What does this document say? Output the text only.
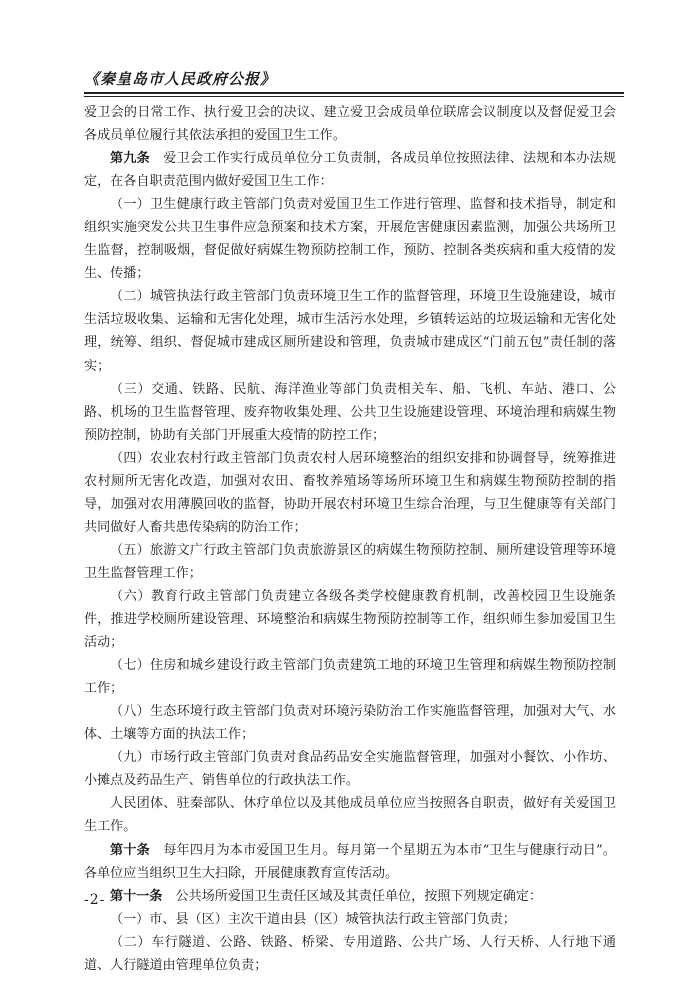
《秦皇岛市人民政府公报》

爱卫会的日常工作、执行爱卫会的决议、建立爱卫会成员单位联席会议制度以及督促爱卫会各成员单位履行其依法承担的爱国卫生工作。

第九条　 爱卫会工作实行成员单位分工负责制，各成员单位按照法律、法规和本办法规定，在各自职责范围内做好爱国卫生工作：

（一）卫生健康行政主管部门负责对爱国卫生工作进行管理、监督和技术指导，制定和组织实施突发公共卫生事件应急预案和技术方案，开展危害健康因素监测，加强公共场所卫生监督，控制吸烟，督促做好病媒生物预防控制工作，预防、控制各类疾病和重大疫情的发生、传播；

（二）城管执法行政主管部门负责环境卫生工作的监督管理，环境卫生设施建设，城市生活垃圾收集、运输和无害化处理，城市生活污水处理，乡镇转运站的垃圾运输和无害化处理，统筹、组织、督促城市建成区厕所建设和管理，负责城市建成区“门前五包”责任制的落实；

（三）交通、铁路、民航、海洋渔业等部门负责相关车、船、飞机、车站、港口、公路、机场的卫生监督管理、废弃物收集处理、公共卫生设施建设管理、环境治理和病媒生物预防控制，协助有关部门开展重大疫情的防控工作；

（四）农业农村行政主管部门负责农村人居环境整治的组织安排和协调督导，统筹推进农村厕所无害化改造，加强对农田、畜牧养殖场等场所环境卫生和病媒生物预防控制的指导，加强对农用薄膜回收的监督，协助开展农村环境卫生综合治理，与卫生健康等有关部门共同做好人畜共患传染病的防治工作；

（五）旅游文广行政主管部门负责旅游景区的病媒生物预防控制、厕所建设管理等环境卫生监督管理工作；

（六）教育行政主管部门负责建立各级各类学校健康教育机制，改善校园卫生设施条件，推进学校厕所建设管理、环境整治和病媒生物预防控制等工作，组织师生参加爱国卫生活动；

（七）住房和城乡建设行政主管部门负责建筑工地的环境卫生管理和病媒生物预防控制工作；

（八）生态环境行政主管部门负责对环境污染防治工作实施监督管理，加强对大气、水体、土壤等方面的执法工作；

（九）市场行政主管部门负责对食品药品安全实施监督管理，加强对小餐饮、小作坊、小摊点及药品生产、销售单位的行政执法工作。

人民团体、驻秦部队、休疗单位以及其他成员单位应当按照各自职责，做好有关爱国卫生工作。

第十条　 每年四月为本市爱国卫生月。每月第一个星期五为本市“卫生与健康行动日”。各单位应当组织卫生大扫除，开展健康教育宣传活动。

第十一条　 公共场所爱国卫生责任区域及其责任单位，按照下列规定确定：

（一）市、县（区）主次干道由县（区）城管执法行政主管部门负责；

（二）车行隧道、公路、铁路、桥梁、专用道路、公共广场、人行天桥、人行地下通道、人行隧道由管理单位负责；

-2-
